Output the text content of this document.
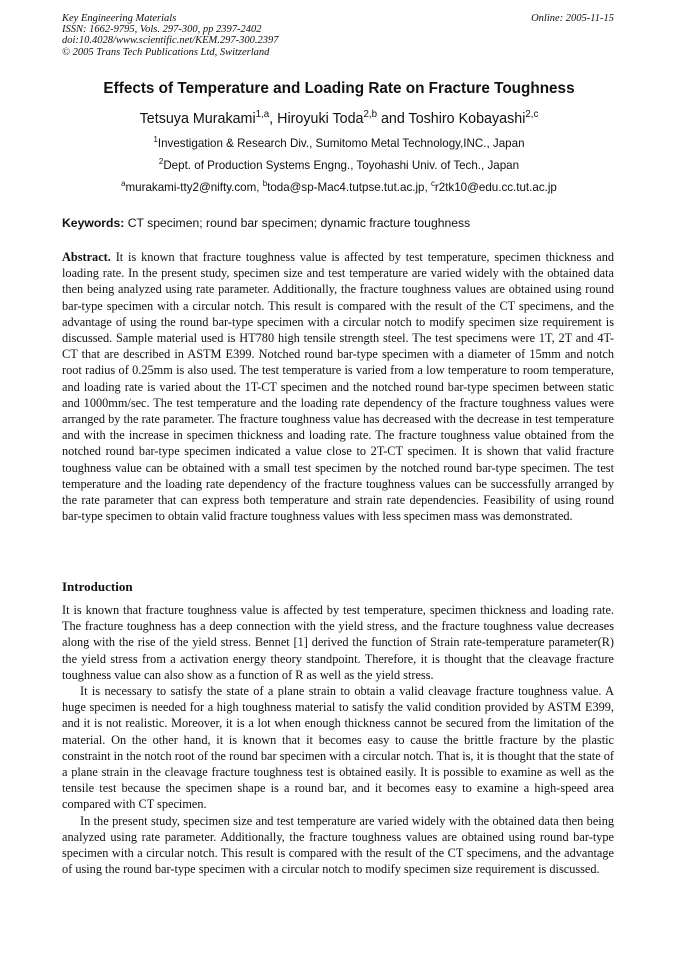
Key Engineering Materials
ISSN: 1662-9795, Vols. 297-300, pp 2397-2402
doi:10.4028/www.scientific.net/KEM.297-300.2397
© 2005 Trans Tech Publications Ltd, Switzerland
Online: 2005-11-15
Effects of Temperature and Loading Rate on Fracture Toughness
Tetsuya Murakami$^{1,a}$, Hiroyuki Toda$^{2,b}$ and Toshiro Kobayashi$^{2,c}$
$^1$Investigation & Research Div., Sumitomo Metal Technology,INC., Japan
$^2$Dept. of Production Systems Engng., Toyohashi Univ. of Tech., Japan
$^a$murakami-tty2@nifty.com, $^b$toda@sp-Mac4.tutpse.tut.ac.jp, $^c$r2tk10@edu.cc.tut.ac.jp
Keywords: CT specimen; round bar specimen; dynamic fracture toughness

Abstract. It is known that fracture toughness value is affected by test temperature, specimen thickness and loading rate. In the present study, specimen size and test temperature are varied widely with the obtained data then being analyzed using rate parameter. Additionally, the fracture toughness values are obtained using round bar-type specimen with a circular notch. This result is compared with the result of the CT specimens, and the advantage of using the round bar-type specimen with a circular notch to modify specimen size requirement is discussed. Sample material used is HT780 high tensile strength steel. The test specimens were 1T, 2T and 4T-CT that are described in ASTM E399. Notched round bar-type specimen with a diameter of 15mm and notch root radius of 0.25mm is also used. The test temperature is varied from a low temperature to room temperature, and loading rate is varied about the 1T-CT specimen and the notched round bar-type specimen between static and 1000mm/sec. The test temperature and the loading rate dependency of the fracture toughness values were arranged by the rate parameter. The fracture toughness value has decreased with the decrease in test temperature and with the increase in specimen thickness and loading rate. The fracture toughness value obtained from the notched round bar-type specimen indicated a value close to 2T-CT specimen. It is shown that valid fracture toughness value can be obtained with a small test specimen by the notched round bar-type specimen. The test temperature and the loading rate dependency of the fracture toughness values can be successfully arranged by the rate parameter that can express both temperature and strain rate dependencies. Feasibility of using round bar-type specimen to obtain valid fracture toughness values with less specimen mass was demonstrated.

Introduction

It is known that fracture toughness value is affected by test temperature, specimen thickness and loading rate. The fracture toughness has a deep connection with the yield stress, and the fracture toughness value decreases along with the rise of the yield stress. Bennet [1] derived the function of Strain rate-temperature parameter(R) the yield stress from a activation energy theory standpoint. Therefore, it is thought that the cleavage fracture toughness value can also show as a function of R as well as the yield stress.

It is necessary to satisfy the state of a plane strain to obtain a valid cleavage fracture toughness value. A huge specimen is needed for a high toughness material to satisfy the valid condition provided by ASTM E399, and it is not realistic. Moreover, it is a lot when enough thickness cannot be secured from the limitation of the material. On the other hand, it is known that it becomes easy to cause the brittle fracture by the plastic constraint in the notch root of the round bar specimen with a circular notch. That is, it is thought that the state of a plane strain in the cleavage fracture toughness test is obtained easily. It is possible to examine as well as the tensile test because the specimen shape is a round bar, and it becomes easy to examine a high-speed area compared with CT specimen.

In the present study, specimen size and test temperature are varied widely with the obtained data then being analyzed using rate parameter. Additionally, the fracture toughness values are obtained using round bar-type specimen with a circular notch. This result is compared with the result of the CT specimens, and the advantage of using the round bar-type specimen with a circular notch to modify specimen size requirement is discussed.
